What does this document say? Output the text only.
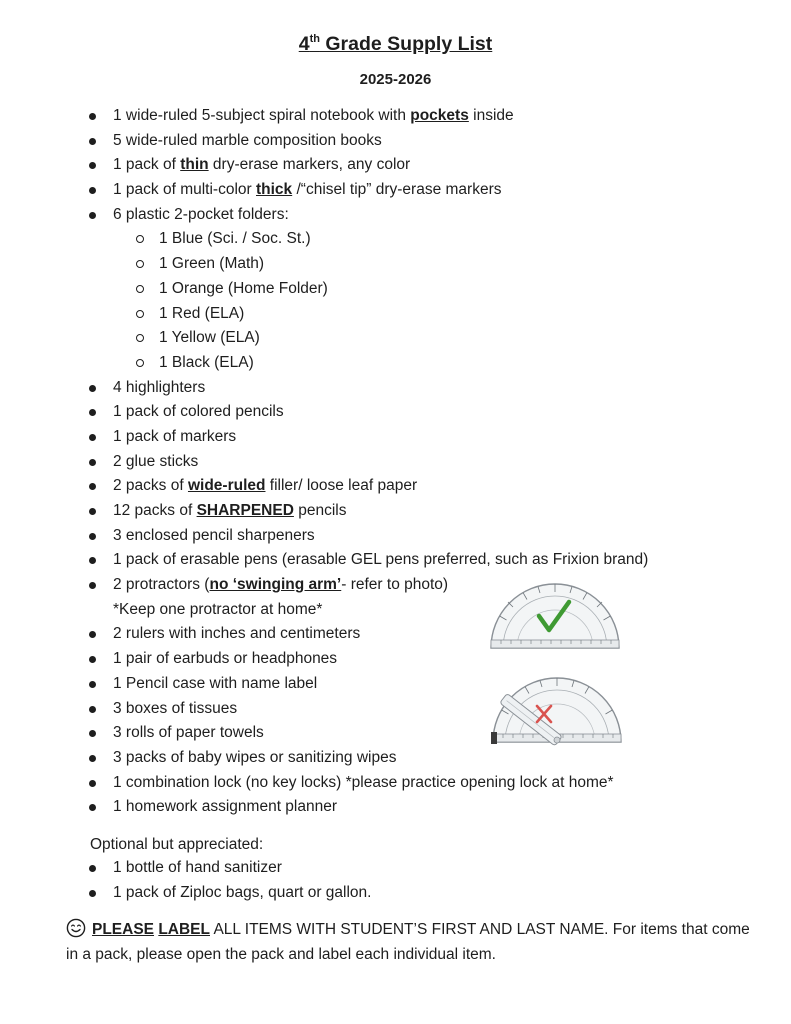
4th Grade Supply List
2025-2026
1 wide-ruled 5-subject spiral notebook with pockets inside
5 wide-ruled marble composition books
1 pack of thin dry-erase markers, any color
1 pack of multi-color thick /“chisel tip” dry-erase markers
6 plastic 2-pocket folders:
1 Blue (Sci. / Soc. St.)
1 Green (Math)
1 Orange (Home Folder)
1 Red (ELA)
1 Yellow (ELA)
1 Black (ELA)
4 highlighters
1 pack of colored pencils
1 pack of markers
2 glue sticks
2 packs of wide-ruled filler/ loose leaf paper
12 packs of SHARPENED pencils
3 enclosed pencil sharpeners
1 pack of erasable pens (erasable GEL pens preferred, such as Frixion brand)
2 protractors (no ‘swinging arm’- refer to photo)
*Keep one protractor at home*
2 rulers with inches and centimeters
1 pair of earbuds or headphones
1 Pencil case with name label
3 boxes of tissues
3 rolls of paper towels
3 packs of baby wipes or sanitizing wipes
1 combination lock (no key locks) *please practice opening lock at home*
1 homework assignment planner
Optional but appreciated:
1 bottle of hand sanitizer
1 pack of Ziploc bags, quart or gallon.
PLEASE LABEL ALL ITEMS WITH STUDENT’S FIRST AND LAST NAME. For items that come in a pack, please open the pack and label each individual item.
